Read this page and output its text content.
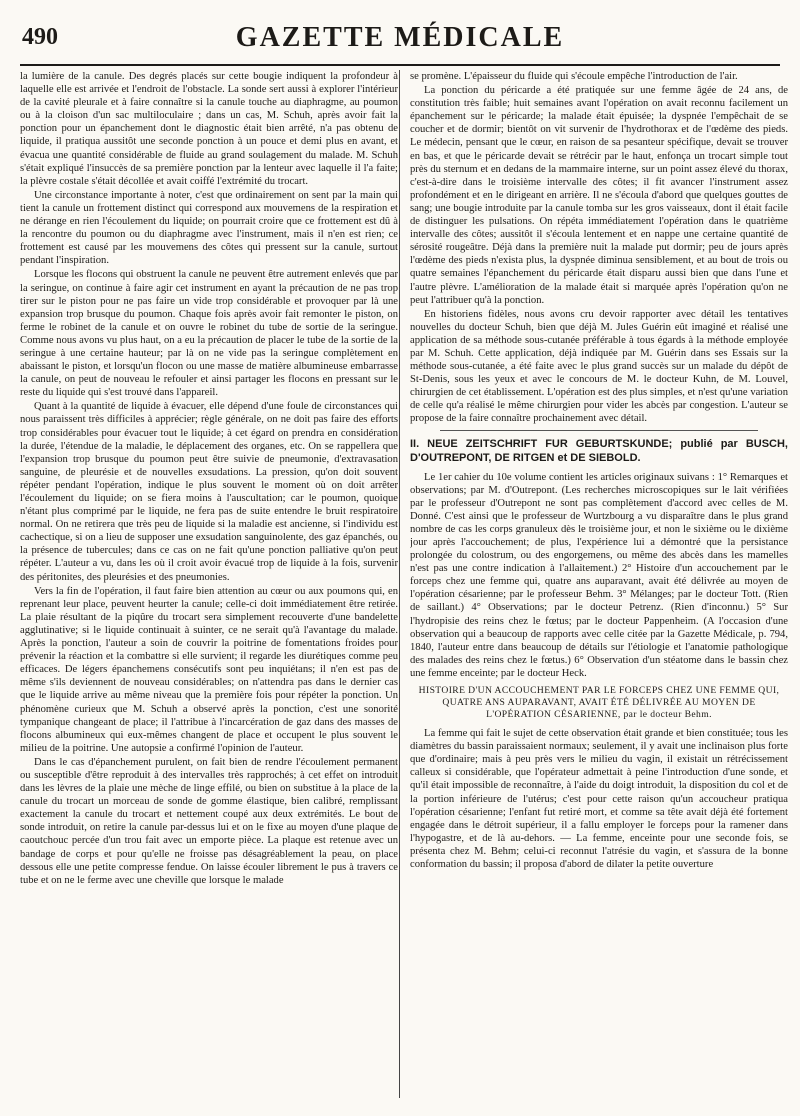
490	GAZETTE MÉDICALE

la lumière de la canule. Des degrés placés sur cette bougie indiquent la profondeur à laquelle elle est arrivée et l'endroit de l'obstacle. La sonde sert aussi à explorer l'intérieur de la cavité pleurale et à faire connaître si la canule touche au diaphragme, au poumon ou à la cloison d'un sac multiloculaire ; dans un cas, M. Schuh, après avoir fait la ponction pour un épanchement dont le diagnostic était bien arrêté, n'a pas obtenu de liquide, il pratiqua aussitôt une seconde ponction à un pouce et demi plus en avant, et évacua une quantité considérable de fluide au grand soulagement du malade. M. Schuh s'était expliqué l'insuccès de sa première ponction par la lenteur avec laquelle il l'a faite; la plèvre costale s'était décollée et avait coiffé l'extrémité du trocart.

Une circonstance importante à noter, c'est que ordinairement on sent par la main qui tient la canule un frottement distinct qui correspond aux mouvemens de la respiration et ne dérange en rien l'écoulement du liquide; on pourrait croire que ce frottement est dû à la rencontre du poumon ou du diaphragme avec l'instrument, mais il n'en est rien; ce frottement est causé par les mouvemens des côtes qui pressent sur la canule, surtout pendant l'inspiration.

Lorsque les flocons qui obstruent la canule ne peuvent être autrement enlevés que par la seringue, on continue à faire agir cet instrument en ayant la précaution de ne pas trop tirer sur le piston pour ne pas faire un vide trop considérable et provoquer par là une expansion trop brusque du poumon. Chaque fois après avoir fait remonter le piston, on ferme le robinet de la canule et on ouvre le robinet du tube de sortie de la seringue. Comme nous avons vu plus haut, on a eu la précaution de placer le tube de la sortie de la seringue à une certaine hauteur; par là on ne vide pas la seringue complètement en abaissant le piston, et lorsqu'un flocon ou une masse de matière albumineuse embarrasse la canule, on peut de nouveau le refouler et ainsi partager les flocons en pressant sur le reste du liquide qui s'est trouvé dans l'appareil.

Quant à la quantité de liquide à évacuer, elle dépend d'une foule de circonstances qui nous paraissent très difficiles à apprécier; règle générale, on ne doit pas faire des efforts trop considérables pour évacuer tout le liquide; à cet égard on prendra en considération la durée, l'étendue de la maladie, le déplacement des organes, etc. On se rappellera que l'expansion trop brusque du poumon peut être suivie de pneumonie, d'extravasation sanguine, de pleurésie et de nouvelles exsudations. La pression, qu'on doit souvent répéter pendant l'opération, indique le plus souvent le moment où on doit arrêter l'écoulement du liquide; on se fiera moins à l'auscultation; car le poumon, quoique n'étant plus comprimé par le liquide, ne fera pas de suite entendre le bruit respiratoire normal. On ne retirera que très peu de liquide si la maladie est ancienne, si l'individu est cachectique, si on a lieu de supposer une exsudation sanguinolente, des gaz épanchés, ou la présence de tubercules; dans ce cas on ne fait qu'une ponction palliative qu'on peut répéter. L'auteur a vu, dans les où il croit avoir évacué trop de liquide à la fois, survenir des péritonites, des pleurésies et des pneumonies.

Vers la fin de l'opération, il faut faire bien attention au cœur ou aux poumons qui, en reprenant leur place, peuvent heurter la canule; celle-ci doit immédiatement être retirée. La plaie résultant de la piqûre du trocart sera simplement recouverte d'une bandelette agglutinative; si le liquide continuait à suinter, ce ne serait qu'à l'avantage du malade. Après la ponction, l'auteur a soin de couvrir la poitrine de fomentations froides pour prévenir la réaction et la combattre si elle survient; il regarde les diurétiques comme peu efficaces. De légers épanchemens consécutifs sont peu inquiétans; il n'en est pas de même s'ils deviennent de nouveau considérables; on n'attendra pas dans le dernier cas que le liquide arrive au même niveau que la première fois pour répéter la ponction. Un phénomène curieux que M. Schuh a observé après la ponction, c'est une sonorité tympanique changeant de place; il l'attribue à l'incarcération de gaz dans des masses de flocons albumineux qui eux-mêmes changent de place et occupent le plus souvent le milieu de la poitrine. Une autopsie a confirmé l'opinion de l'auteur.

Dans le cas d'épanchement purulent, on fait bien de rendre l'écoulement permanent ou susceptible d'être reproduit à des intervalles très rapprochés; à cet effet on introduit dans les lèvres de la plaie une mèche de linge effilé, ou bien on substitue à la place de la canule du trocart un morceau de sonde de gomme élastique, bien calibré, remplissant exactement la canule du trocart et nettement coupé aux deux extrémités. Le bout de sonde introduit, on retire la canule par-dessus lui et on le fixe au moyen d'une plaque de caoutchouc percée d'un trou fait avec un emporte pièce. La plaque est retenue avec un bandage de corps et pour qu'elle ne froisse pas désagréablement la peau, on place dessous elle une petite compresse fendue. On laisse écouler librement le pus à travers ce tube et on ne le ferme avec une cheville que lorsque le malade

se promène. L'épaisseur du fluide qui s'écoule empêche l'introduction de l'air.

La ponction du péricarde a été pratiquée sur une femme âgée de 24 ans, de constitution très faible; huit semaines avant l'opération on avait reconnu facilement un épanchement sur le péricarde; la malade était épuisée; la dyspnée l'empêchait de se coucher et de dormir; bientôt on vit survenir de l'hydrothorax et de l'œdème des pieds. Le médecin, pensant que le cœur, en raison de sa pesanteur spécifique, devait se trouver en bas, et que le péricarde devait se rétrécir par le haut, enfonça un trocart simple tout près du sternum et en dedans de la mammaire interne, sur un point assez élevé du thorax, c'est-à-dire dans le troisième intervalle des côtes; il fit avancer l'instrument assez profondément et en le dirigeant en arrière. Il ne s'écoula d'abord que quelques gouttes de sang; une bougie introduite par la canule tomba sur les gros vaisseaux, dont il était facile de distinguer les pulsations. On répéta immédiatement l'opération dans le quatrième intervalle des côtes; aussitôt il s'écoula lentement et en nappe une certaine quantité de sérosité rougeâtre. Déjà dans la première nuit la malade put dormir; peu de jours après l'œdème des pieds n'exista plus, la dyspnée diminua sensiblement, et au bout de trois ou quatre semaines l'épanchement du péricarde était disparu aussi bien que dans l'une et l'autre plèvre. L'amélioration de la malade était si marquée après l'opération qu'on ne peut l'attribuer qu'à la ponction.

En historiens fidèles, nous avons cru devoir rapporter avec détail les tentatives nouvelles du docteur Schuh, bien que déjà M. Jules Guérin eût imaginé et réalisé une application de sa méthode sous-cutanée préférable à tous égards à la méthode employée par M. Schuh. Cette application, déjà indiquée par M. Guérin dans ses Essais sur la méthode sous-cutanée, a été faite avec le plus grand succès sur un malade du dépôt de St-Denis, sous les yeux et avec le concours de M. le docteur Kuhn, de M. Louvel, chirurgien de cet établissement. L'opération est des plus simples, et n'est qu'une variation de celle qu'a réalisé le même chirurgien pour vider les abcès par congestion. L'auteur se propose de la faire connaître prochainement avec détail.

II. NEUE ZEITSCHRIFT FUR GEBURTSKUNDE; publié par BUSCH, D'OUTREPONT, DE RITGEN et DE SIEBOLD.

Le 1er cahier du 10e volume contient les articles originaux suivans : 1° Remarques et observations; par M. d'Outrepont. (Les recherches microscopiques sur le lait vérifiées par le professeur d'Outrepont ne sont pas complètement d'accord avec celles de M. Donné. C'est ainsi que le professeur de Wurtzbourg a vu disparaître dans le plus grand nombre de cas les corps granuleux dès le troisième jour, et non le sixième ou le dixième jour après l'accouchement; de plus, l'expérience lui a démontré que la persistance prolongée du colostrum, ou des engorgemens, ou même des abcès dans les mamelles n'est pas une contre indication à l'allaitement.) 2° Histoire d'un accouchement par le forceps chez une femme qui, quatre ans auparavant, avait été délivrée au moyen de l'opération césarienne; par le professeur Behm. 3° Mélanges; par le docteur Tott. (Rien de saillant.) 4° Observations; par le docteur Petrenz. (Rien d'inconnu.) 5° Sur l'hydropisie des reins chez le fœtus; par le docteur Pappenheim. (A l'occasion d'une observation qui a beaucoup de rapports avec celle citée par la Gazette Médicale, p. 794, 1840, l'auteur entre dans beaucoup de détails sur l'étiologie et l'anatomie pathologique des malades des reins chez le fœtus.) 6° Observation d'un stéatome dans le bassin chez une femme enceinte; par le docteur Heck.

HISTOIRE D'UN ACCOUCHEMENT PAR LE FORCEPS CHEZ UNE FEMME QUI, QUATRE ANS AUPARAVANT, AVAIT ÉTÉ DÉLIVRÉE AU MOYEN DE L'OPÉRATION CÉSARIENNE, par le docteur Behm.

La femme qui fait le sujet de cette observation était grande et bien constituée; tous les diamètres du bassin paraissaient normaux; seulement, il y avait une inclinaison plus forte que d'ordinaire; mais à peu près vers le milieu du vagin, il existait un rétrécissement calleux si considérable, que l'opérateur admettait à peine l'introduction d'une sonde, et qu'il était impossible de reconnaître, à l'aide du doigt introduit, la disposition du col et de la portion inférieure de l'utérus; c'est pour cette raison qu'un accoucheur pratiqua l'opération césarienne; l'enfant fut retiré mort, et comme sa tête avait déjà été fortement engagée dans le détroit supérieur, il a fallu employer le forceps pour la ramener dans l'hypogastre, et de là au-dehors. — La femme, enceinte pour une seconde fois, se présenta chez M. Behm; celui-ci reconnut l'atrésie du vagin, et s'assura de la bonne conformation du bassin; il proposa d'abord de dilater la petite ouverture
